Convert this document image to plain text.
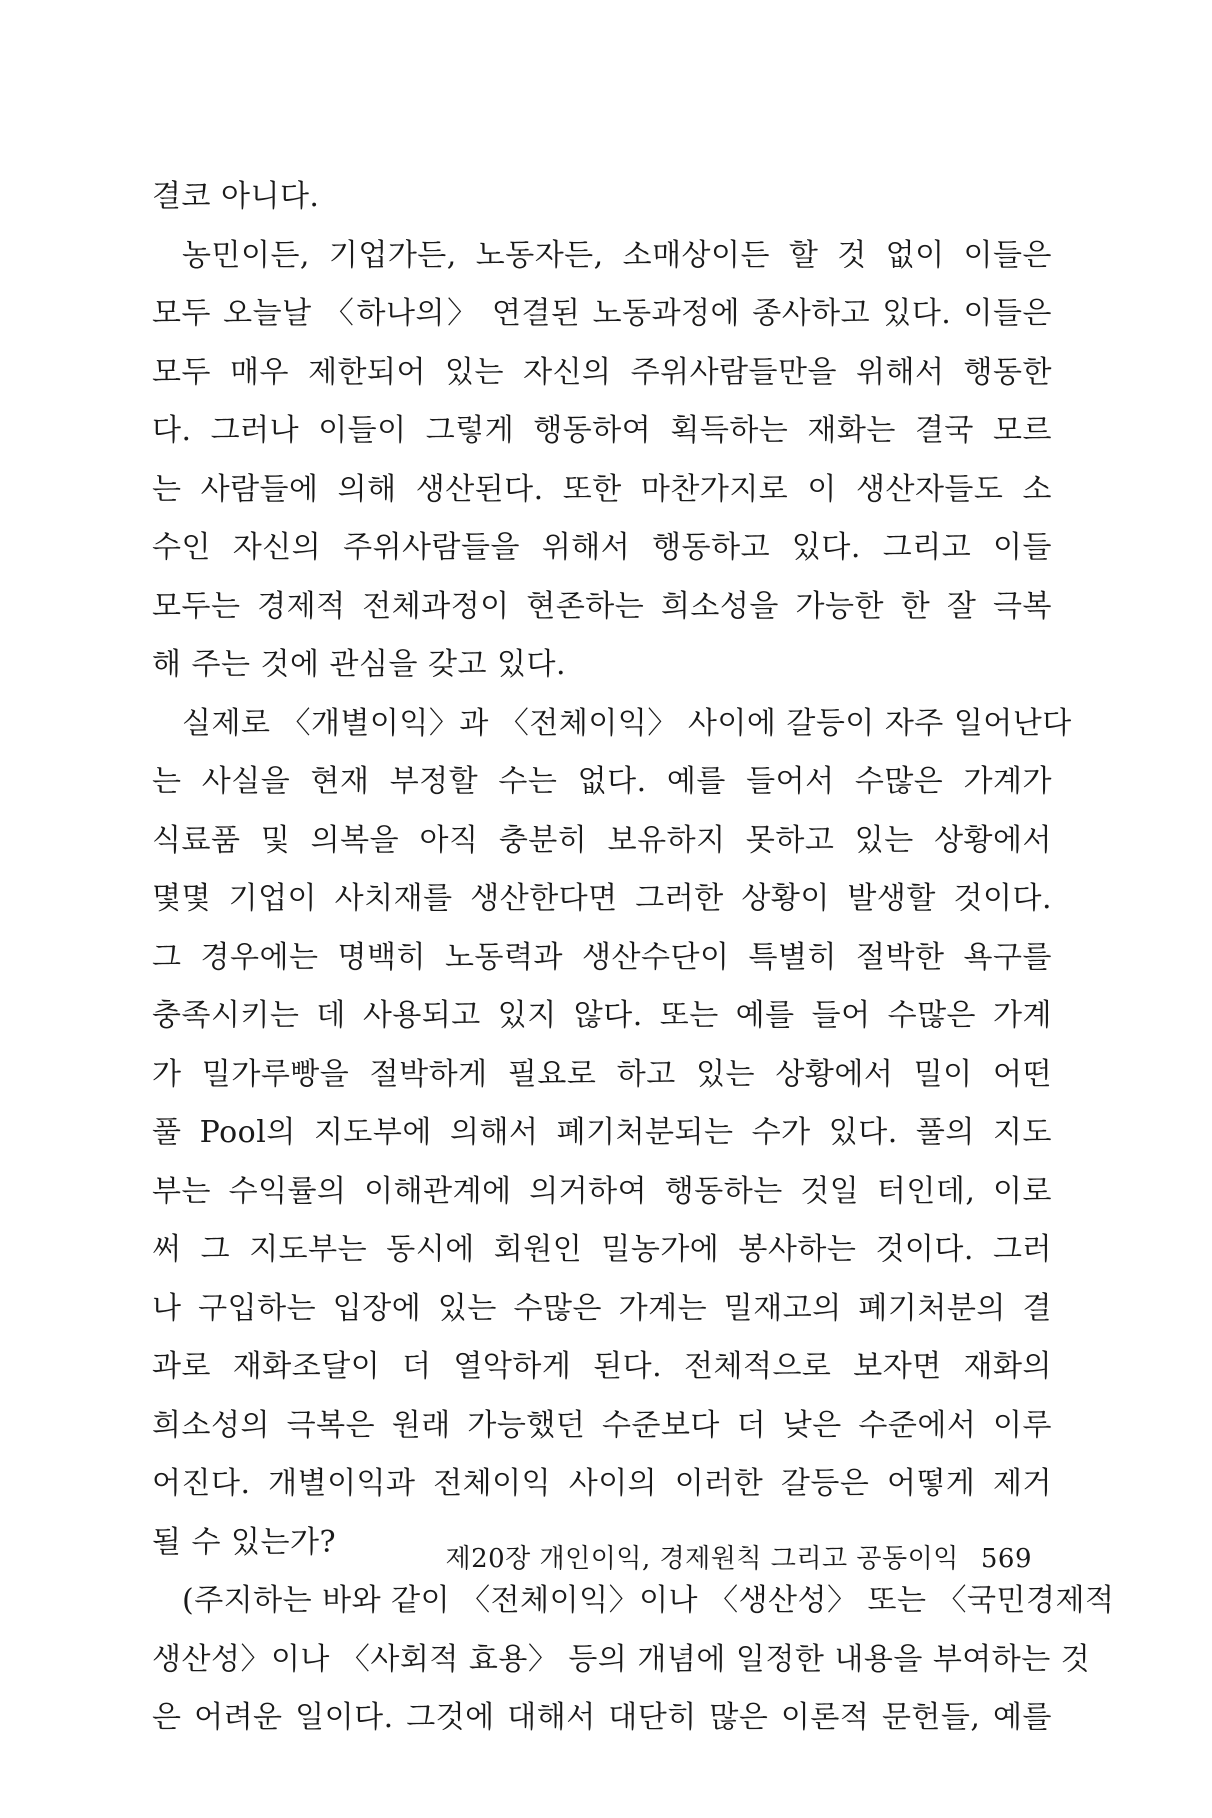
결코 아니다.
농민이든, 기업가든, 노동자든, 소매상이든 할 것 없이 이들은
모두 오늘날 〈하나의〉 연결된 노동과정에 종사하고 있다. 이들은
모두 매우 제한되어 있는 자신의 주위사람들만을 위해서 행동한
다. 그러나 이들이 그렇게 행동하여 획득하는 재화는 결국 모르
는 사람들에 의해 생산된다. 또한 마찬가지로 이 생산자들도 소
수인 자신의 주위사람들을 위해서 행동하고 있다. 그리고 이들
모두는 경제적 전체과정이 현존하는 희소성을 가능한 한 잘 극복
해 주는 것에 관심을 갖고 있다.
실제로 〈개별이익〉과 〈전체이익〉 사이에 갈등이 자주 일어난다
는 사실을 현재 부정할 수는 없다. 예를 들어서 수많은 가계가
식료품 및 의복을 아직 충분히 보유하지 못하고 있는 상황에서
몇몇 기업이 사치재를 생산한다면 그러한 상황이 발생할 것이다.
그 경우에는 명백히 노동력과 생산수단이 특별히 절박한 욕구를
충족시키는 데 사용되고 있지 않다. 또는 예를 들어 수많은 가계
가 밀가루빵을 절박하게 필요로 하고 있는 상황에서 밀이 어떤
풀 Pool의 지도부에 의해서 폐기처분되는 수가 있다. 풀의 지도
부는 수익률의 이해관계에 의거하여 행동하는 것일 터인데, 이로
써 그 지도부는 동시에 회원인 밀농가에 봉사하는 것이다. 그러
나 구입하는 입장에 있는 수많은 가계는 밀재고의 폐기처분의 결
과로 재화조달이 더 열악하게 된다. 전체적으로 보자면 재화의
희소성의 극복은 원래 가능했던 수준보다 더 낮은 수준에서 이루
어진다. 개별이익과 전체이익 사이의 이러한 갈등은 어떻게 제거
될 수 있는가?
(주지하는 바와 같이 〈전체이익〉이나 〈생산성〉 또는 〈국민경제적
생산성〉이나 〈사회적 효용〉 등의 개념에 일정한 내용을 부여하는 것
은 어려운 일이다. 그것에 대해서 대단히 많은 이론적 문헌들, 예를
제20장 개인이익, 경제원칙 그리고 공동이익 569
